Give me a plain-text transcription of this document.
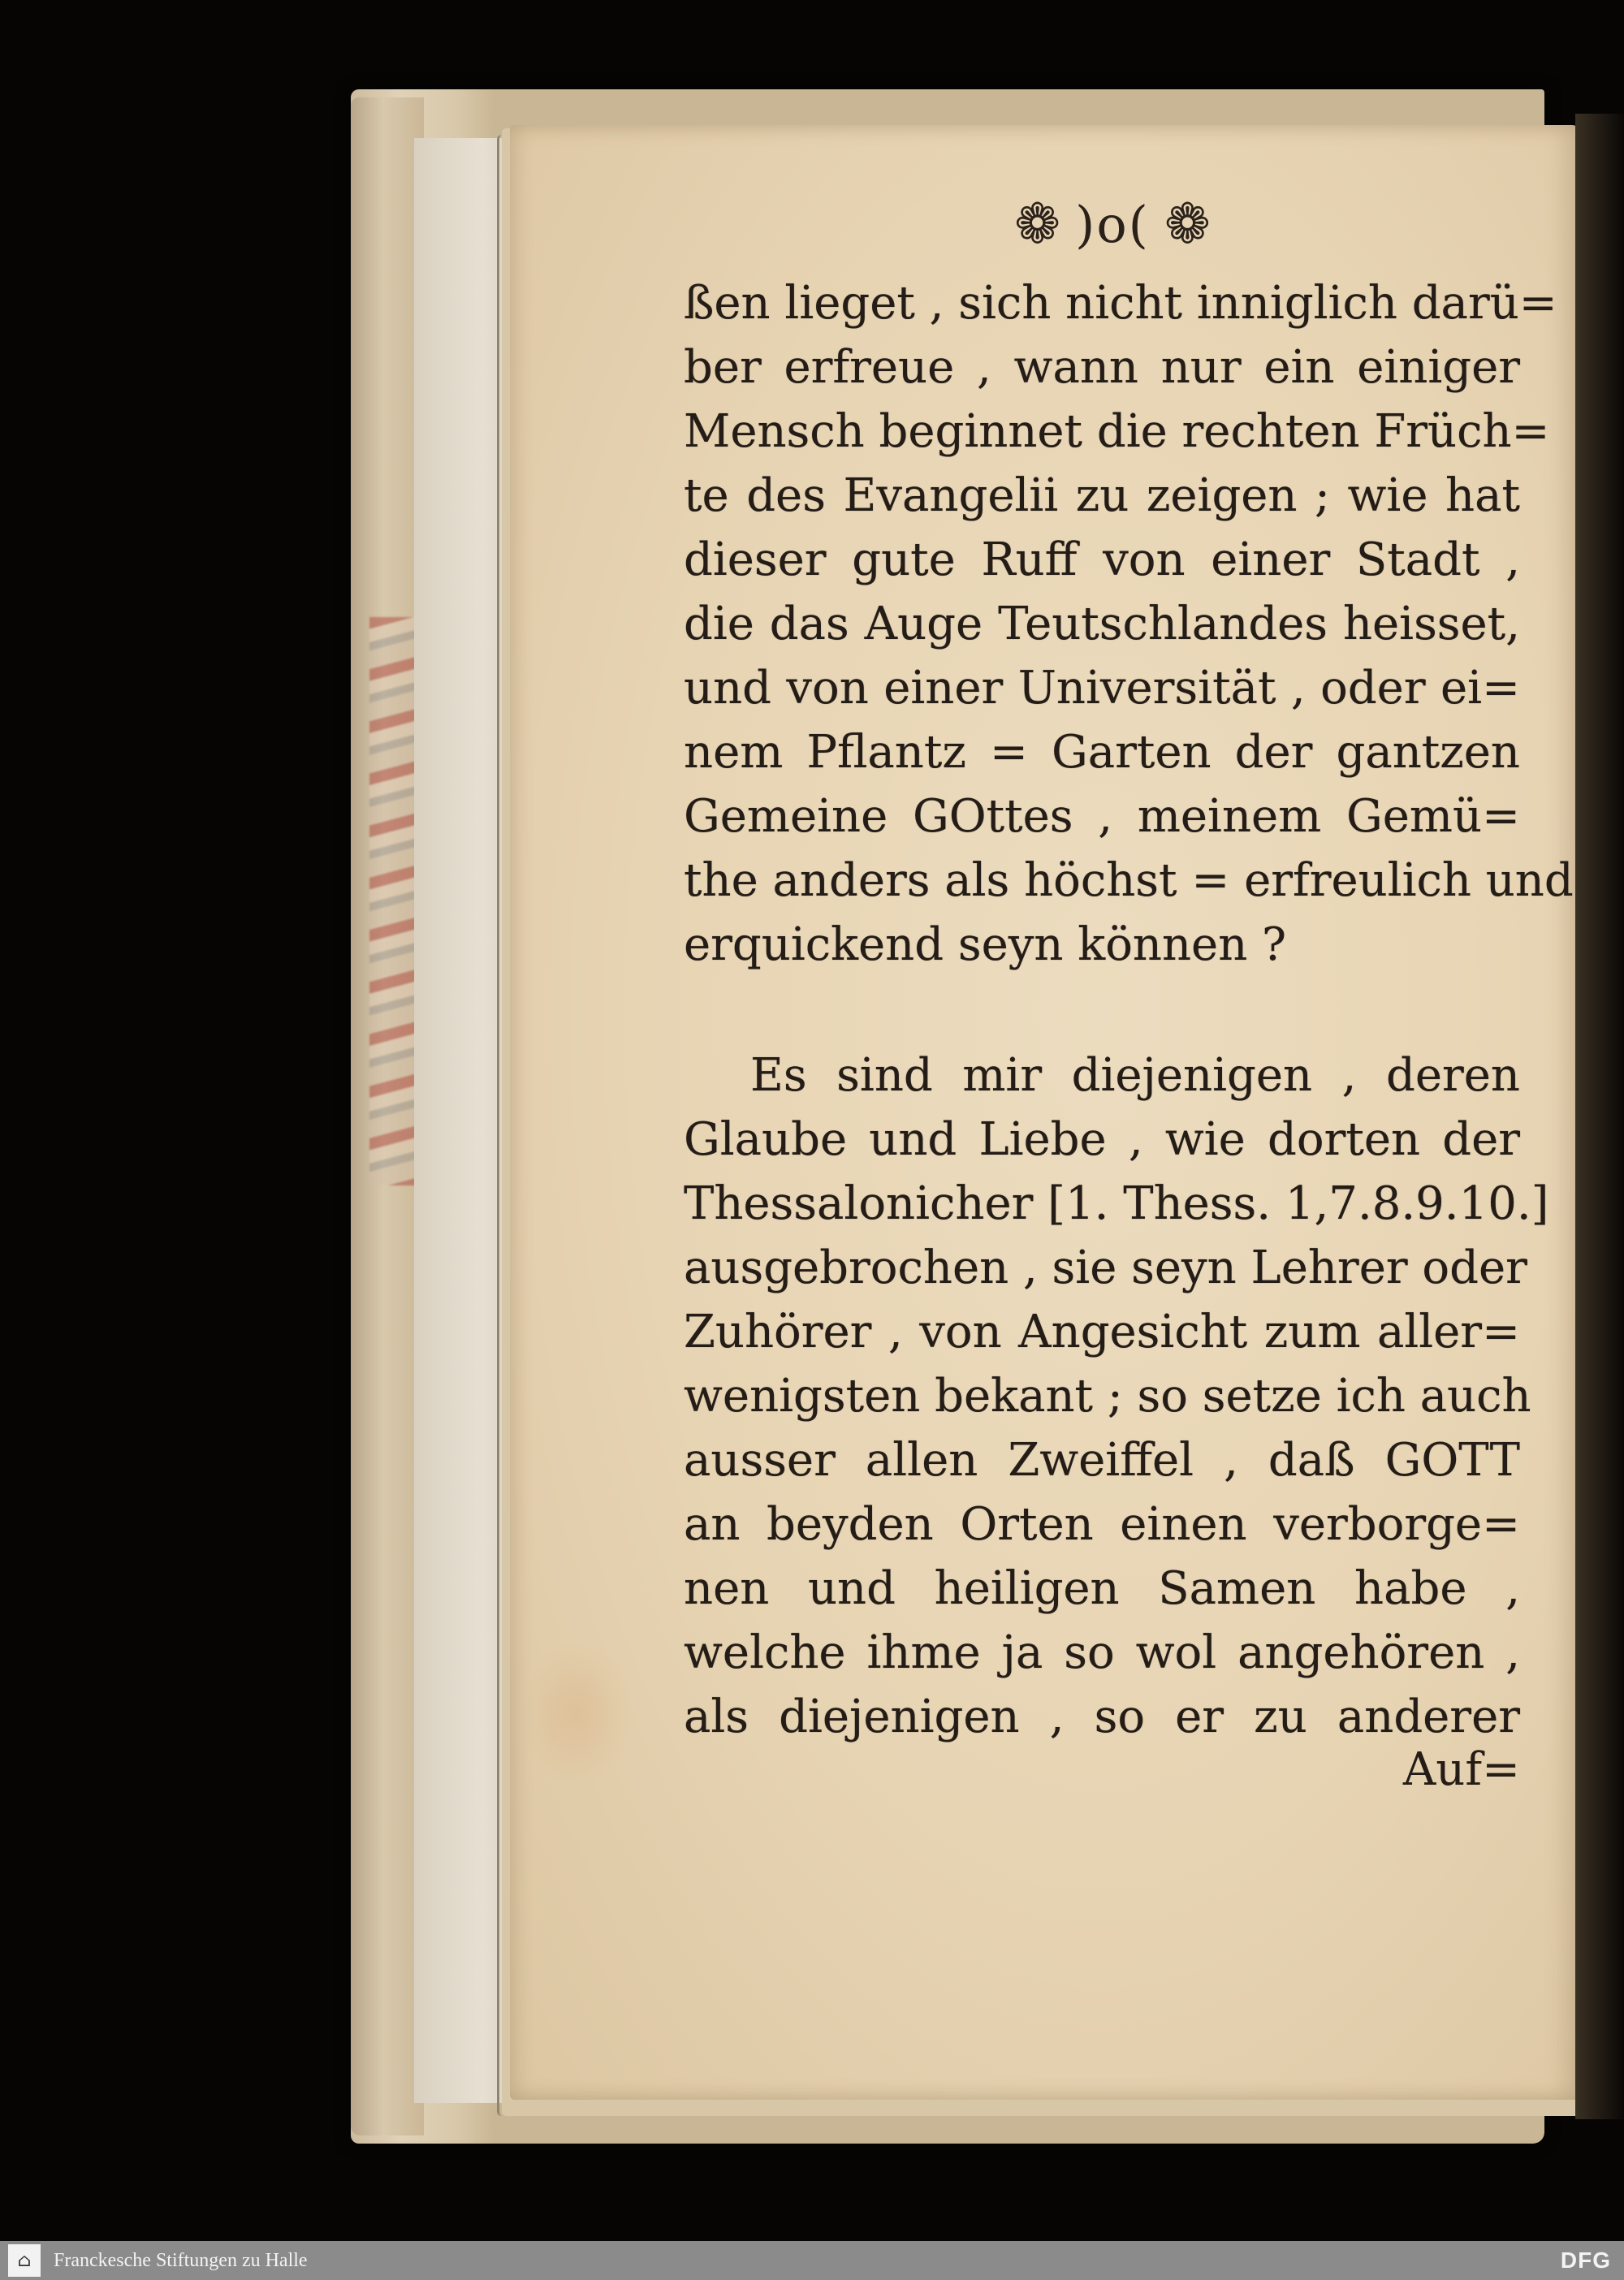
❁ )o( ❁
ßen lieget , sich nicht inniglich darü=
ber erfreue , wann nur ein einiger
Mensch beginnet die rechten Früch=
te des Evangelii zu zeigen ; wie hat
dieser gute Ruff von einer Stadt ,
die das Auge Teutschlandes heisset,
und von einer Universität , oder ei=
nem Pflantz = Garten der gantzen
Gemeine GOttes , meinem Gemü=
the anders als höchst = erfreulich und
erquickend seyn können ?
Es sind mir diejenigen , deren
Glaube und Liebe , wie dorten der
Thessalonicher [1. Thess. 1,7.8.9.10.]
ausgebrochen , sie seyn Lehrer oder
Zuhörer , von Angesicht zum aller=
wenigsten bekant ; so setze ich auch
ausser allen Zweiffel , daß GOTT
an beyden Orten einen verborge=
nen und heiligen Samen habe ,
welche ihme ja so wol angehören ,
als diejenigen , so er zu anderer
Auf=
⌂	Franckesche Stiftungen zu Halle	DFG
